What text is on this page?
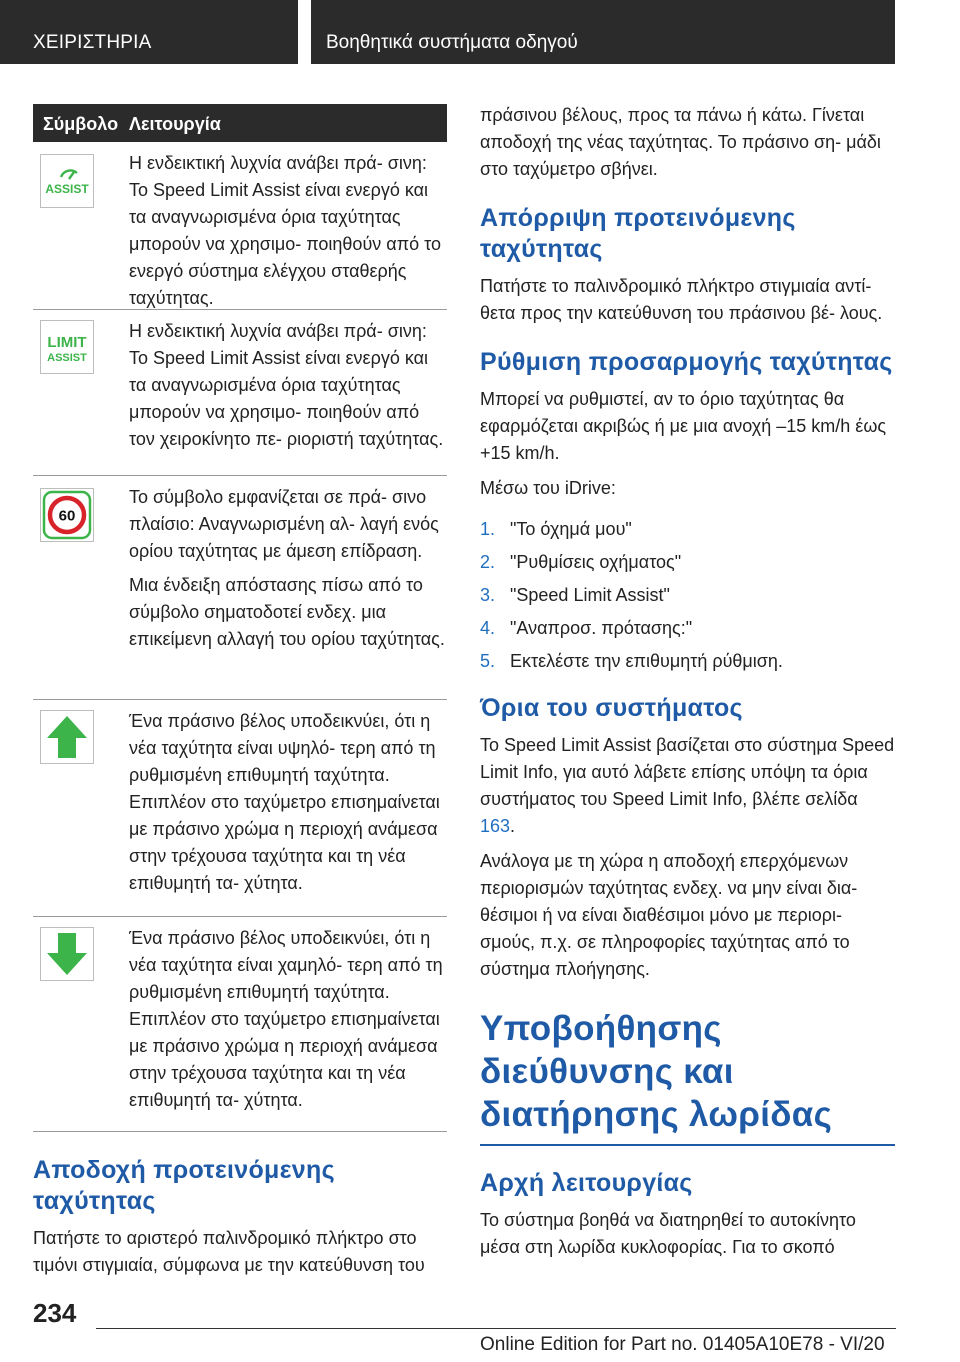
ΧΕΙΡΙΣΤΗΡΙΑ	Βοηθητικά συστήματα οδηγού
Σύμβολο Λειτουργία
ASSIST

Η ενδεικτική λυχνία ανάβει πρά- σινη: Το Speed Limit Assist είναι ενεργό και τα αναγνωρισμένα όρια ταχύτητας μπορούν να χρησιμο- ποιηθούν από το ενεργό σύστημα ελέγχου σταθερής ταχύτητας.

LIMIT
ASSIST

Η ενδεικτική λυχνία ανάβει πρά- σινη: Το Speed Limit Assist είναι ενεργό και τα αναγνωρισμένα όρια ταχύτητας μπορούν να χρησιμο- ποιηθούν από τον χειροκίνητο πε- ριοριστή ταχύτητας.

60

Το σύμβολο εμφανίζεται σε πρά- σινο πλαίσιο: Αναγνωρισμένη αλ- λαγή ενός ορίου ταχύτητας με άμεση επίδραση.

Μια ένδειξη απόστασης πίσω από το σύμβολο σηματοδοτεί ενδεχ. μια επικείμενη αλλαγή του ορίου ταχύτητας.

Ένα πράσινο βέλος υποδεικνύει, ότι η νέα ταχύτητα είναι υψηλό- τερη από τη ρυθμισμένη επιθυμητή ταχύτητα. Επιπλέον στο ταχύμετρο επισημαίνεται με πράσινο χρώμα η περιοχή ανάμεσα στην τρέχουσα ταχύτητα και τη νέα επιθυμητή τα- χύτητα.

Ένα πράσινο βέλος υποδεικνύει, ότι η νέα ταχύτητα είναι χαμηλό- τερη από τη ρυθμισμένη επιθυμητή ταχύτητα. Επιπλέον στο ταχύμετρο επισημαίνεται με πράσινο χρώμα η περιοχή ανάμεσα στην τρέχουσα ταχύτητα και τη νέα επιθυμητή τα- χύτητα.

Αποδοχή προτεινόμενης ταχύτητας
Πατήστε το αριστερό παλινδρομικό πλήκτρο στο τιμόνι στιγμιαία, σύμφωνα με την κατεύθυνση του
πράσινου βέλους, προς τα πάνω ή κάτω. Γίνεται αποδοχή της νέας ταχύτητας. Το πράσινο ση- μάδι στο ταχύμετρο σβήνει.
Απόρριψη προτεινόμενης ταχύτητας
Πατήστε το παλινδρομικό πλήκτρο στιγμιαία αντί- θετα προς την κατεύθυνση του πράσινου βέ- λους.
Ρύθμιση προσαρμογής ταχύτητας
Μπορεί να ρυθμιστεί, αν το όριο ταχύτητας θα εφαρμόζεται ακριβώς ή με μια ανοχή –15 km/h έως +15 km/h.
Μέσω του iDrive:
1. "Το όχημά μου"
2. "Ρυθμίσεις οχήματος"
3. "Speed Limit Assist"
4. "Αναπροσ. πρότασης:"
5. Εκτελέστε την επιθυμητή ρύθμιση.
Όρια του συστήματος
Το Speed Limit Assist βασίζεται στο σύστημα Speed Limit Info, για αυτό λάβετε επίσης υπόψη τα όρια συστήματος του Speed Limit Info, βλέπε σελίδα 163.
Ανάλογα με τη χώρα η αποδοχή επερχόμενων περιορισμών ταχύτητας ενδεχ. να μην είναι δια- θέσιμοι ή να είναι διαθέσιμοι μόνο με περιορι- σμούς, π.χ. σε πληροφορίες ταχύτητας από το σύστημα πλοήγησης.
Υποβοήθησης διεύθυνσης και διατήρησης λωρίδας
Αρχή λειτουργίας
Το σύστημα βοηθά να διατηρηθεί το αυτοκίνητο μέσα στη λωρίδα κυκλοφορίας. Για το σκοπό
234
Online Edition for Part no. 01405A10E78 - VI/20
